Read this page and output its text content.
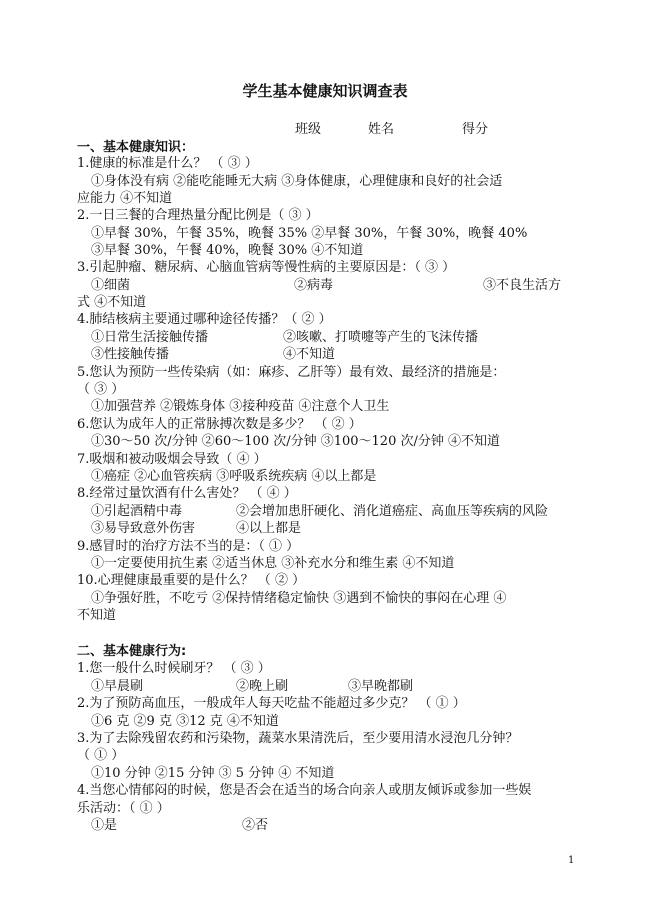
学生基本健康知识调查表
班级	姓名	得分
一、基本健康知识：
1.健康的标准是什么？ （ ③ ）
①身体没有病 ②能吃能睡无大病 ③身体健康，心理健康和良好的社会适
应能力 ④不知道
2.一日三餐的合理热量分配比例是（ ③ ）
①早餐 30%，午餐 35%，晚餐 35% ②早餐 30%，午餐 30%，晚餐 40%
③早餐 30%，午餐 40%，晚餐 30% ④不知道
3.引起肿瘤、糖尿病、心脑血管病等慢性病的主要原因是：（ ③ ）
①细菌	②病毒	③不良生活方
式 ④不知道
4.肺结核病主要通过哪种途径传播？（ ② ）
①日常生活接触传播	②咳嗽、打喷嚏等产生的飞沫传播
③性接触传播	④不知道
5.您认为预防一些传染病（如：麻疹、乙肝等）最有效、最经济的措施是：
（ ③ ）
①加强营养 ②锻炼身体 ③接种疫苗 ④注意个人卫生
6.您认为成年人的正常脉搏次数是多少？ （ ② ）
①30～50 次/分钟 ②60～100 次/分钟 ③100～120 次/分钟 ④不知道
7.吸烟和被动吸烟会导致（ ④ ）
①癌症 ②心血管疾病 ③呼吸系统疾病 ④以上都是
8.经常过量饮酒有什么害处？ （ ④ ）
①引起酒精中毒	②会增加患肝硬化、消化道癌症、高血压等疾病的风险
③易导致意外伤害	④以上都是
9.感冒时的治疗方法不当的是：（ ① ）
①一定要使用抗生素 ②适当休息 ③补充水分和维生素 ④不知道
10.心理健康最重要的是什么？ （ ② ）
①争强好胜，不吃亏 ②保持情绪稳定愉快 ③遇到不愉快的事闷在心理 ④
不知道
二、基本健康行为:
1.您一般什么时候刷牙？ （ ③ ）
①早晨刷	②晚上刷	③早晚都刷
2.为了预防高血压，一般成年人每天吃盐不能超过多少克？ （ ① ）
①6 克 ②9 克 ③12 克 ④不知道
3.为了去除残留农药和污染物，蔬菜水果清洗后，至少要用清水浸泡几分钟？
（ ① ）
①10 分钟 ②15 分钟 ③ 5 分钟 ④ 不知道
4.当您心情郁闷的时候，您是否会在适当的场合向亲人或朋友倾诉或参加一些娱
乐活动：（ ① ）
①是	②否
1
